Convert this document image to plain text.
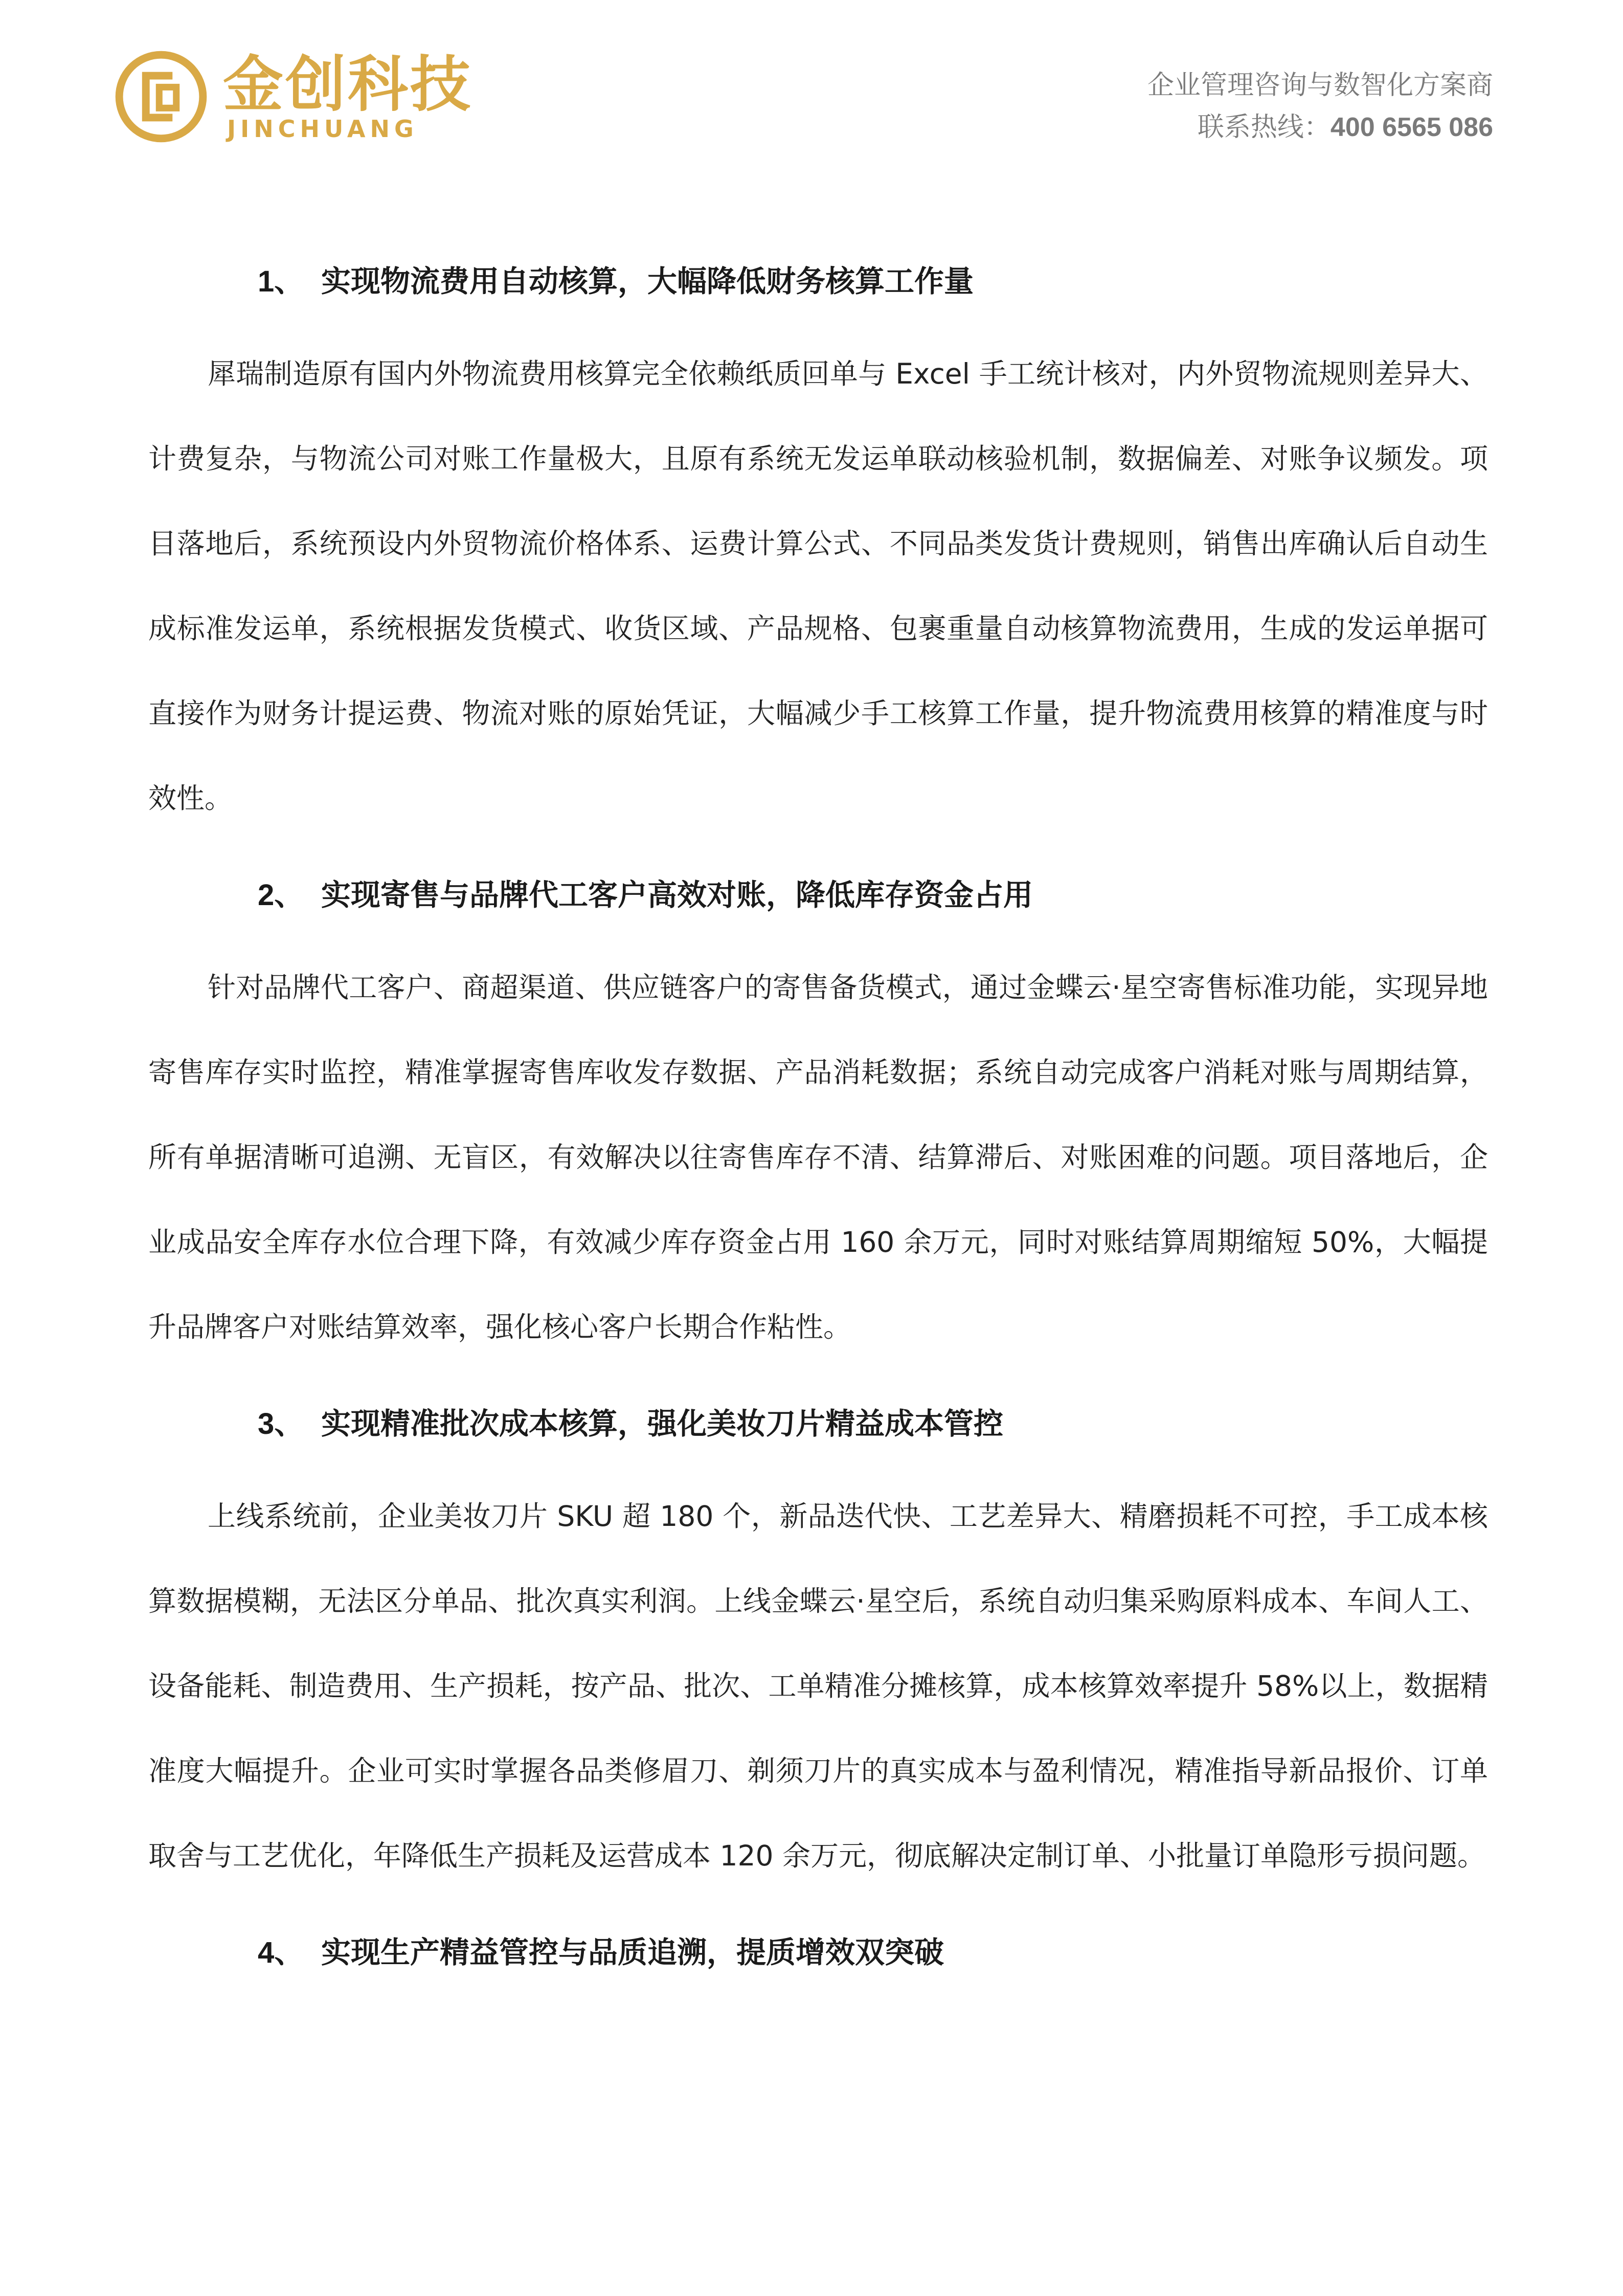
金创科技
JINCHUANG
企业管理咨询与数智化方案商
联系热线：400 6565 086
1、 实现物流费用自动核算，大幅降低财务核算工作量

犀瑞制造原有国内外物流费用核算完全依赖纸质回单与 Excel 手工统计核对，内外贸物流规则差异大、计费复杂，与物流公司对账工作量极大，且原有系统无发运单联动核验机制，数据偏差、对账争议频发。项目落地后，系统预设内外贸物流价格体系、运费计算公式、不同品类发货计费规则，销售出库确认后自动生成标准发运单，系统根据发货模式、收货区域、产品规格、包裹重量自动核算物流费用，生成的发运单据可直接作为财务计提运费、物流对账的原始凭证，大幅减少手工核算工作量，提升物流费用核算的精准度与时效性。

2、 实现寄售与品牌代工客户高效对账，降低库存资金占用

针对品牌代工客户、商超渠道、供应链客户的寄售备货模式，通过金蝶云·星空寄售标准功能，实现异地寄售库存实时监控，精准掌握寄售库收发存数据、产品消耗数据；系统自动完成客户消耗对账与周期结算，所有单据清晰可追溯、无盲区，有效解决以往寄售库存不清、结算滞后、对账困难的问题。项目落地后，企业成品安全库存水位合理下降，有效减少库存资金占用 160 余万元，同时对账结算周期缩短 50%，大幅提升品牌客户对账结算效率，强化核心客户长期合作粘性。

3、 实现精准批次成本核算，强化美妆刀片精益成本管控

上线系统前，企业美妆刀片 SKU 超 180 个，新品迭代快、工艺差异大、精磨损耗不可控，手工成本核算数据模糊，无法区分单品、批次真实利润。上线金蝶云·星空后，系统自动归集采购原料成本、车间人工、设备能耗、制造费用、生产损耗，按产品、批次、工单精准分摊核算，成本核算效率提升 58%以上，数据精准度大幅提升。企业可实时掌握各品类修眉刀、剃须刀片的真实成本与盈利情况，精准指导新品报价、订单取舍与工艺优化，年降低生产损耗及运营成本 120 余万元，彻底解决定制订单、小批量订单隐形亏损问题。

4、 实现生产精益管控与品质追溯，提质增效双突破
